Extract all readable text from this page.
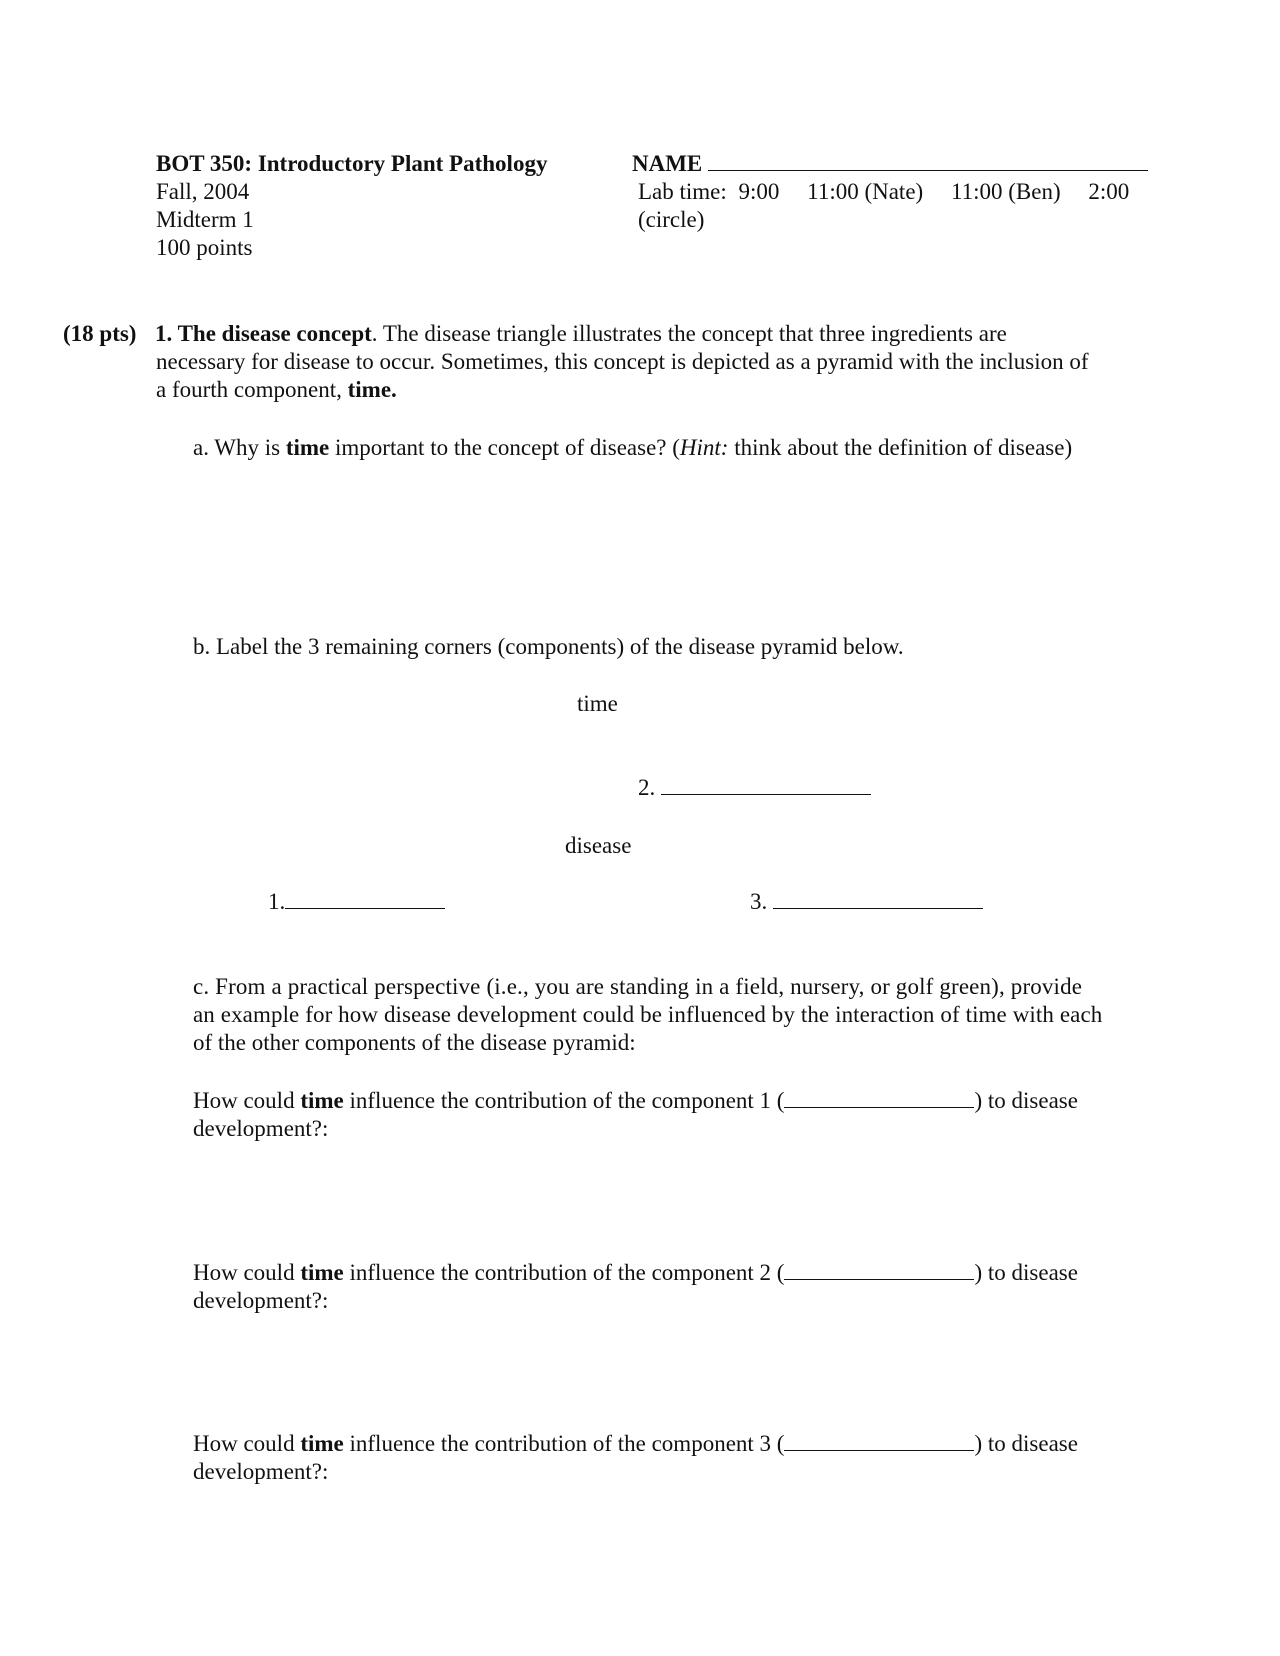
BOT 350: Introductory Plant Pathology
Fall, 2004
Midterm 1
100 points
NAME
Lab time: 9:00 11:00 (Nate) 11:00 (Ben) 2:00
(circle)
(18 pts) 1. The disease concept. The disease triangle illustrates the concept that three ingredients are
necessary for disease to occur. Sometimes, this concept is depicted as a pyramid with the inclusion of
a fourth component, time.
a. Why is time important to the concept of disease? (Hint: think about the definition of disease)
b. Label the 3 remaining corners (components) of the disease pyramid below.
time
2.
disease
1.	3.
c. From a practical perspective (i.e., you are standing in a field, nursery, or golf green), provide
an example for how disease development could be influenced by the interaction of time with each
of the other components of the disease pyramid:
How could time influence the contribution of the component 1 (	) to disease
development?:
How could time influence the contribution of the component 2 (	) to disease
development?:
How could time influence the contribution of the component 3 (	) to disease
development?:
